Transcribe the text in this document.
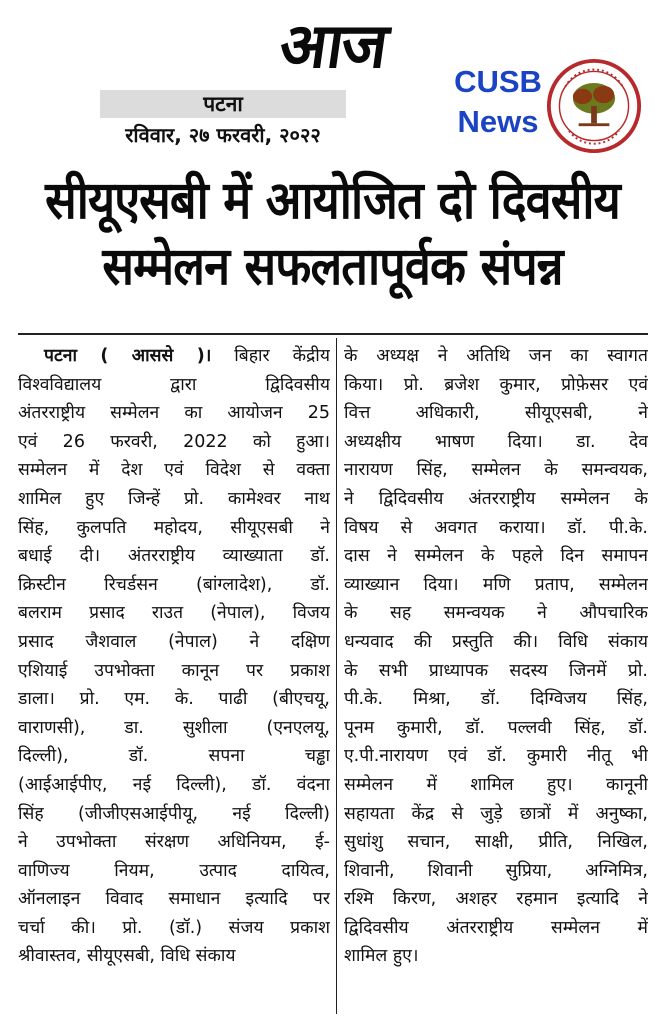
आज
पटना
रविवार, २७ फरवरी, २०२२
CUSB
News
सीयूएसबी में आयोजित दो दिवसीय
सम्मेलन सफलतापूर्वक संपन्न
पटना ( आससे )। बिहार केंद्रीय
विश्वविद्यालय द्वारा द्विदिवसीय
अंतरराष्ट्रीय सम्मेलन का आयोजन 25
एवं 26 फरवरी, 2022 को हुआ।
सम्मेलन में देश एवं विदेश से वक्ता
शामिल हुए जिन्हें प्रो. कामेश्वर नाथ
सिंह, कुलपति महोदय, सीयूएसबी ने
बधाई दी। अंतरराष्ट्रीय व्याख्याता डॉ.
क्रिस्टीन रिचर्डसन (बांग्लादेश), डॉ.
बलराम प्रसाद राउत (नेपाल), विजय
प्रसाद जैशवाल (नेपाल) ने दक्षिण
एशियाई उपभोक्ता कानून पर प्रकाश
डाला। प्रो. एम. के. पाढी (बीएचयू,
वाराणसी), डा. सुशीला (एनएलयू,
दिल्ली), डॉ. सपना चड्ढा
(आईआईपीए, नई दिल्ली), डॉ. वंदना
सिंह (जीजीएसआईपीयू, नई दिल्ली)
ने उपभोक्ता संरक्षण अधिनियम, ई-
वाणिज्य नियम, उत्पाद दायित्व,
ऑनलाइन विवाद समाधान इत्यादि पर
चर्चा की। प्रो. (डॉ.) संजय प्रकाश
श्रीवास्तव, सीयूएसबी, विधि संकाय
के अध्यक्ष ने अतिथि जन का स्वागत
किया। प्रो. ब्रजेश कुमार, प्रोफ़ेसर एवं
वित्त अधिकारी, सीयूएसबी, ने
अध्यक्षीय भाषण दिया। डा. देव
नारायण सिंह, सम्मेलन के समन्वयक,
ने द्विदिवसीय अंतरराष्ट्रीय सम्मेलन के
विषय से अवगत कराया। डॉ. पी.के.
दास ने सम्मेलन के पहले दिन समापन
व्याख्यान दिया। मणि प्रताप, सम्मेलन
के सह समन्वयक ने औपचारिक
धन्यवाद की प्रस्तुति की। विधि संकाय
के सभी प्राध्यापक सदस्य जिनमें प्रो.
पी.के. मिश्रा, डॉ. दिग्विजय सिंह,
पूनम कुमारी, डॉ. पल्लवी सिंह, डॉ.
ए.पी.नारायण एवं डॉ. कुमारी नीतू भी
सम्मेलन में शामिल हुए। कानूनी
सहायता केंद्र से जुड़े छात्रों में अनुष्का,
सुधांशु सचान, साक्षी, प्रीति, निखिल,
शिवानी, शिवानी सुप्रिया, अग्निमित्र,
रश्मि किरण, अशहर रहमान इत्यादि ने
द्विदिवसीय अंतरराष्ट्रीय सम्मेलन में
शामिल हुए।
